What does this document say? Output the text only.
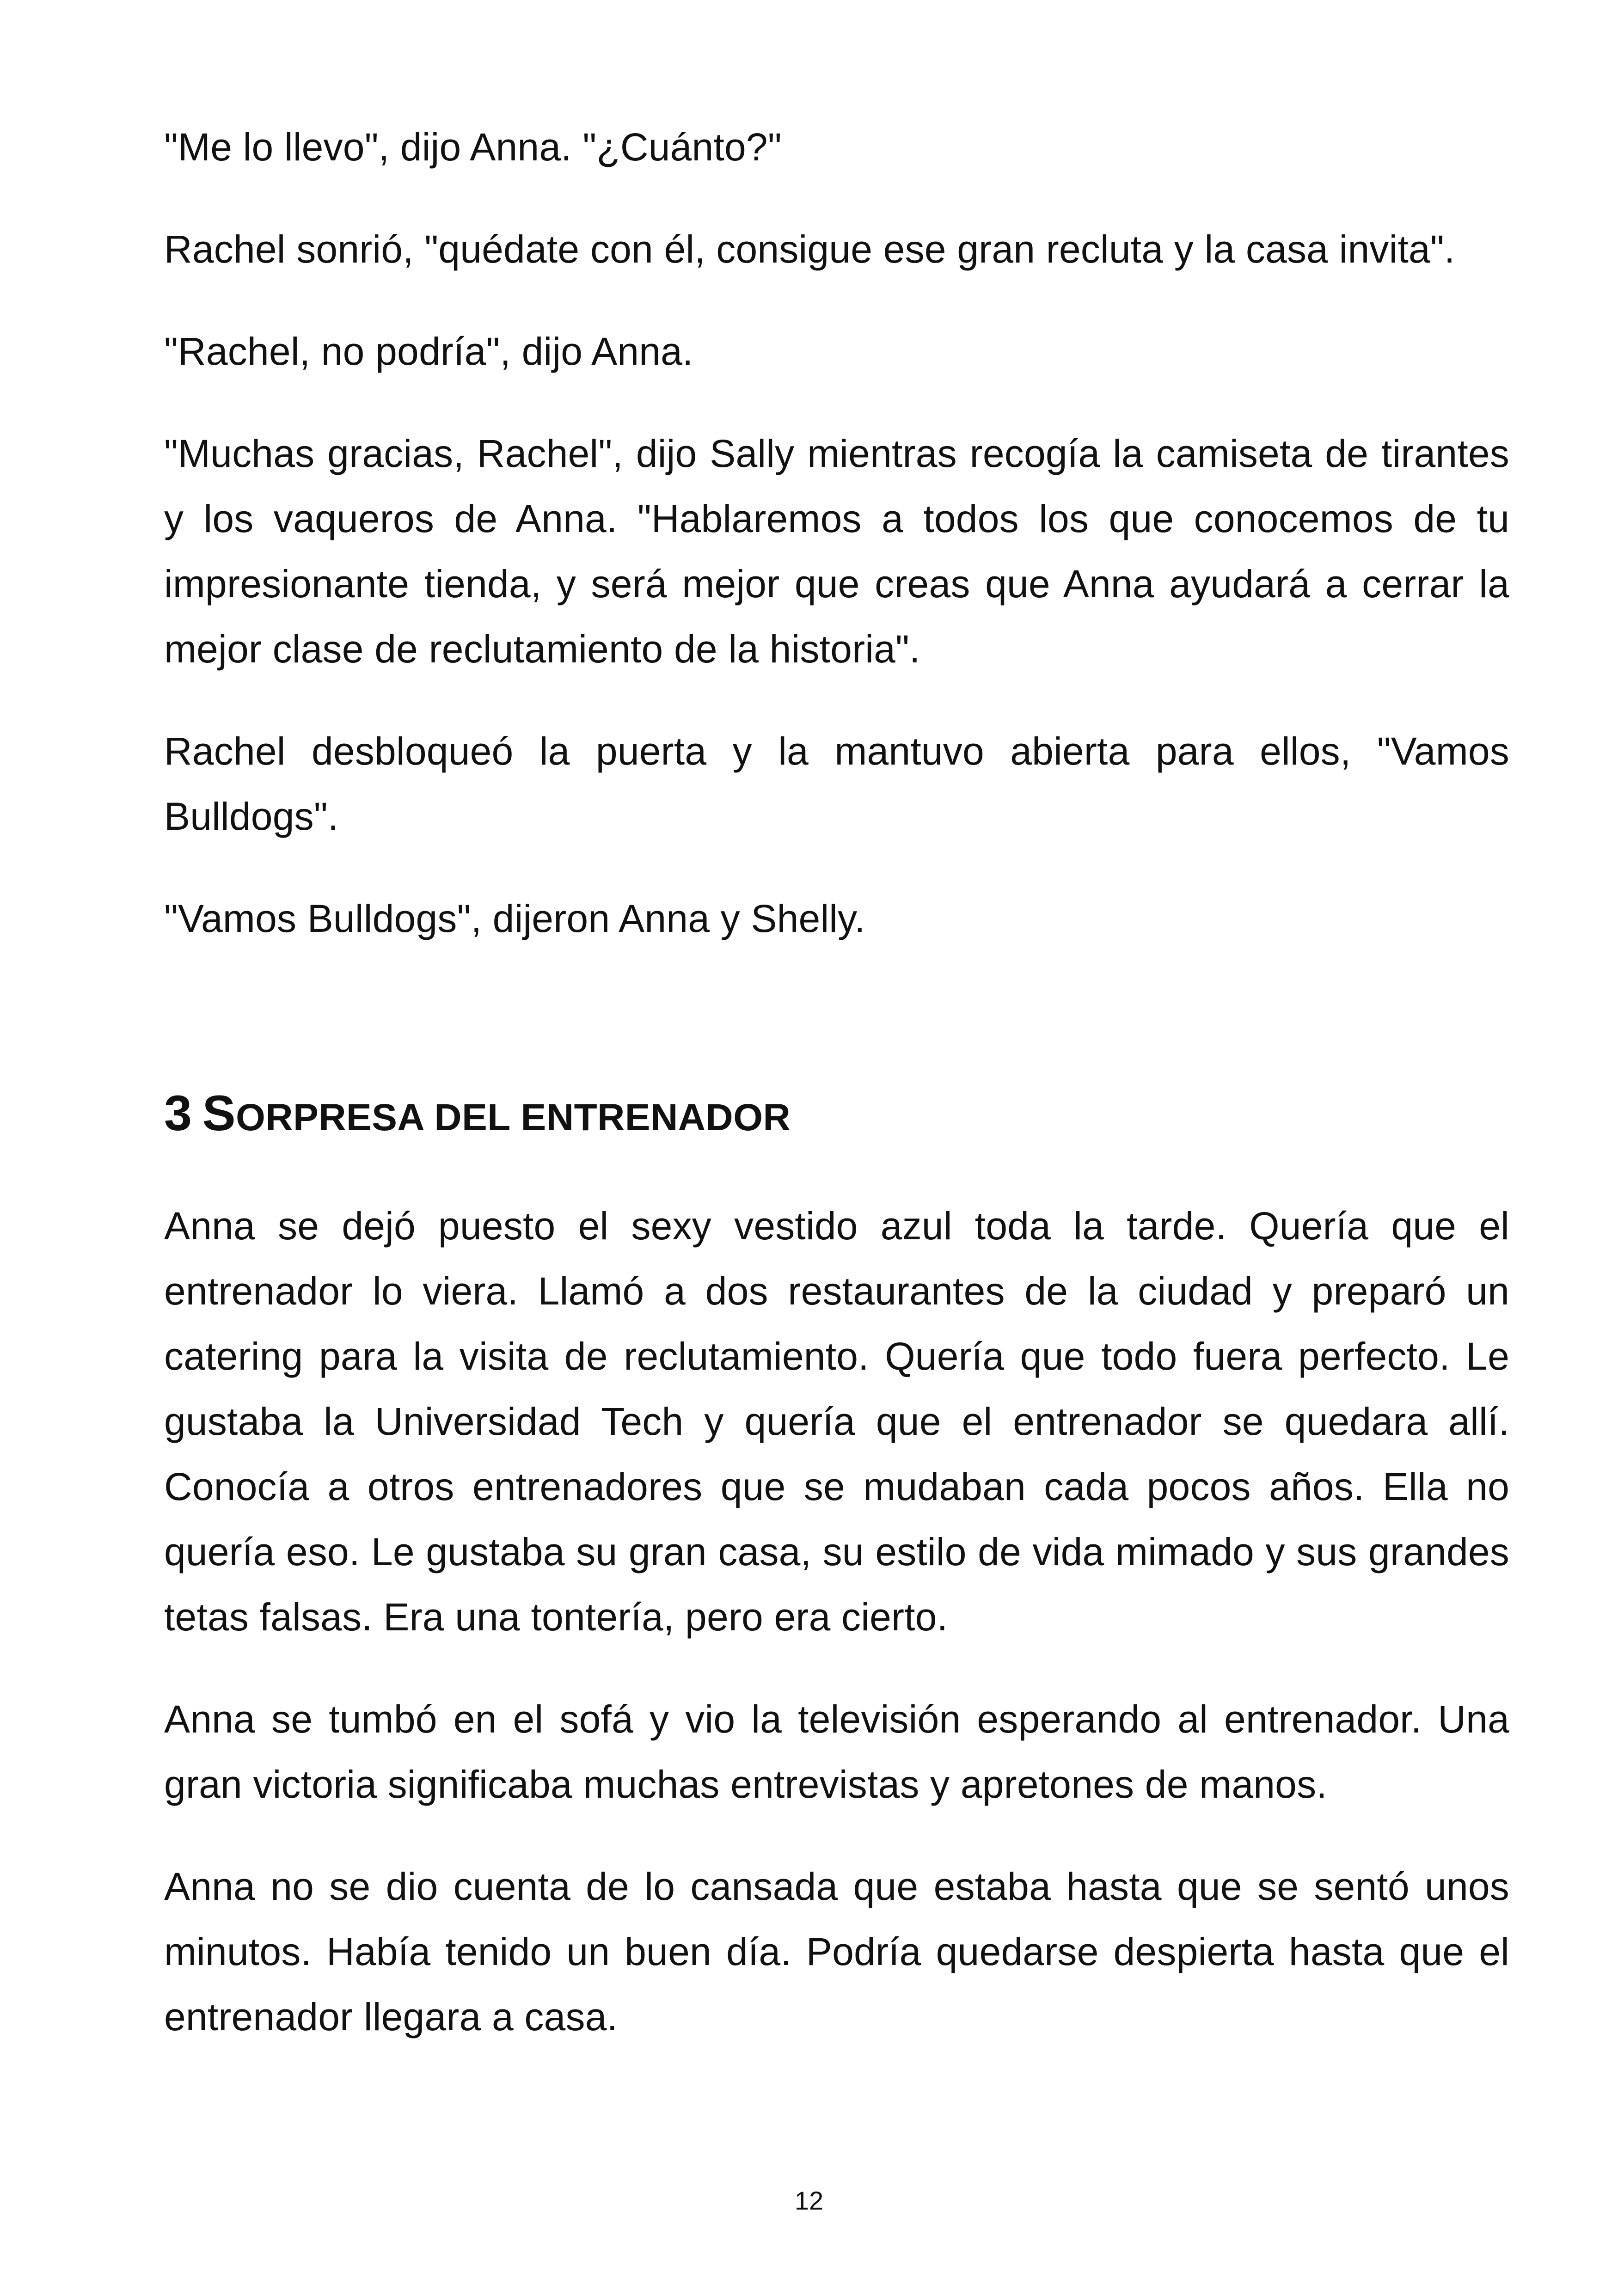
"Me lo llevo", dijo Anna. "¿Cuánto?"

Rachel sonrió, "quédate con él, consigue ese gran recluta y la casa invita".

"Rachel, no podría", dijo Anna.

"Muchas gracias, Rachel", dijo Sally mientras recogía la camiseta de tirantes y los vaqueros de Anna. "Hablaremos a todos los que conocemos de tu impresionante tienda, y será mejor que creas que Anna ayudará a cerrar la mejor clase de reclutamiento de la historia".

Rachel desbloqueó la puerta y la mantuvo abierta para ellos, "Vamos Bulldogs".

"Vamos Bulldogs", dijeron Anna y Shelly.

3 SORPRESA DEL ENTRENADOR

Anna se dejó puesto el sexy vestido azul toda la tarde. Quería que el entrenador lo viera. Llamó a dos restaurantes de la ciudad y preparó un catering para la visita de reclutamiento. Quería que todo fuera perfecto. Le gustaba la Universidad Tech y quería que el entrenador se quedara allí. Conocía a otros entrenadores que se mudaban cada pocos años. Ella no quería eso. Le gustaba su gran casa, su estilo de vida mimado y sus grandes tetas falsas. Era una tontería, pero era cierto.

Anna se tumbó en el sofá y vio la televisión esperando al entrenador. Una gran victoria significaba muchas entrevistas y apretones de manos.

Anna no se dio cuenta de lo cansada que estaba hasta que se sentó unos minutos. Había tenido un buen día. Podría quedarse despierta hasta que el entrenador llegara a casa.

12
